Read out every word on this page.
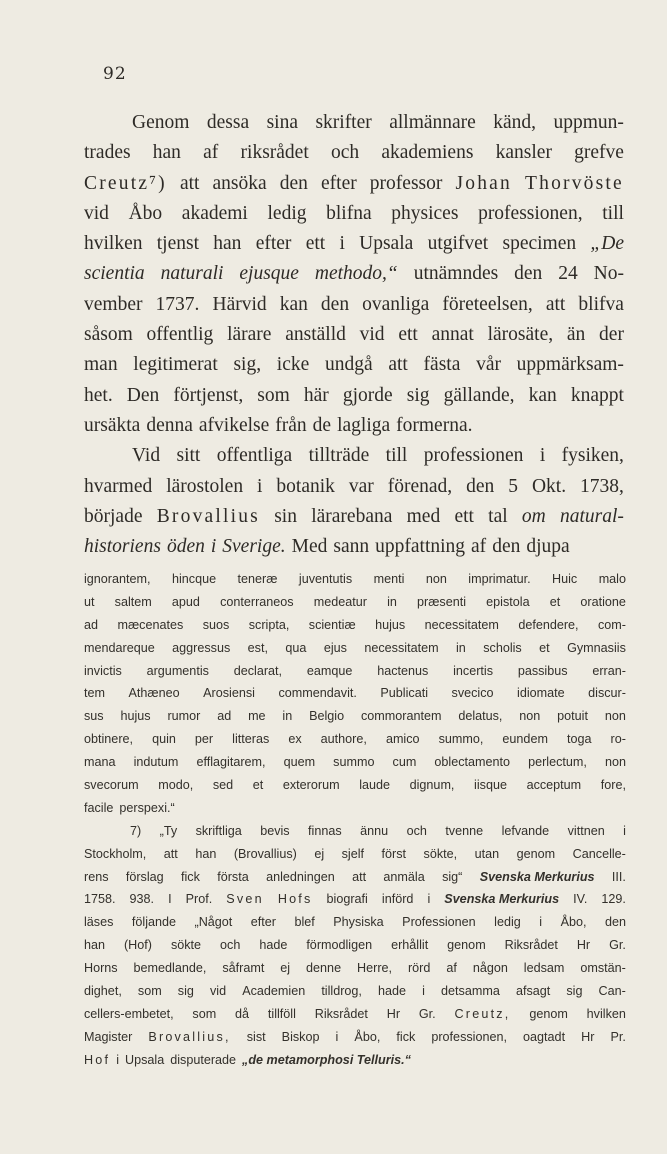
92
Genom dessa sina skrifter allmännare känd, uppmun-
trades han af riksrådet och akademiens kansler grefve
Creutz⁷) att ansöka den efter professor Johan Thorvöste
vid Åbo akademi ledig blifna physices professionen, till
hvilken tjenst han efter ett i Upsala utgifvet specimen „De
scientia naturali ejusque methodo,“ utnämndes den 24 No-
vember 1737. Härvid kan den ovanliga företeelsen, att blifva
såsom offentlig lärare anställd vid ett annat lärosäte, än der
man legitimerat sig, icke undgå att fästa vår uppmärksam-
het. Den förtjenst, som här gjorde sig gällande, kan knappt
ursäkta denna afvikelse från de lagliga formerna.
Vid sitt offentliga tillträde till professionen i fysiken,
hvarmed lärostolen i botanik var förenad, den 5 Okt. 1738,
började Brovallius sin lärarebana med ett tal om natural-
historiens öden i Sverige. Med sann uppfattning af den djupa
ignorantem, hincque teneræ juventutis menti non imprimatur. Huic malo
ut saltem apud conterraneos medeatur in præsenti epistola et oratione
ad mæcenates suos scripta, scientiæ hujus necessitatem defendere, com-
mendareque aggressus est, qua ejus necessitatem in scholis et Gymnasiis
invictis argumentis declarat, eamque hactenus incertis passibus erran-
tem Athæneo Arosiensi commendavit. Publicati svecico idiomate discur-
sus hujus rumor ad me in Belgio commorantem delatus, non potuit non
obtinere, quin per litteras ex authore, amico summo, eundem toga ro-
mana indutum efflagitarem, quem summo cum oblectamento perlectum, non
svecorum modo, sed et exterorum laude dignum, iisque acceptum fore,
facile perspexi.“
7) „Ty skriftliga bevis finnas ännu och tvenne lefvande vittnen i
Stockholm, att han (Brovallius) ej sjelf först sökte, utan genom Cancelle-
rens förslag fick första anledningen att anmäla sig“ Svenska Merkurius III.
1758. 938. I Prof. Sven Hofs biografi införd i Svenska Merkurius IV. 129.
läses följande „Något efter blef Physiska Professionen ledig i Åbo, den
han (Hof) sökte och hade förmodligen erhållit genom Riksrådet Hr Gr.
Horns bemedlande, såframt ej denne Herre, rörd af någon ledsam omstän-
dighet, som sig vid Academien tilldrog, hade i detsamma afsagt sig Can-
cellers-embetet, som då tillföll Riksrådet Hr Gr. Creutz, genom hvilken
Magister Brovallius, sist Biskop i Åbo, fick professionen, oagtadt Hr Pr.
Hof i Upsala disputerade „de metamorphosi Telluris.“
